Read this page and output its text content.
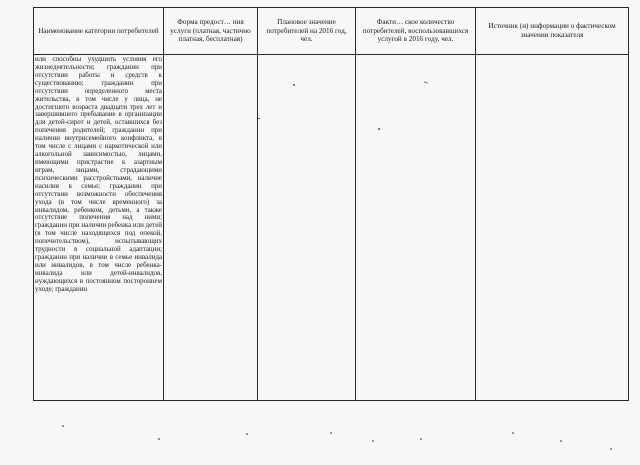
Наименование категории потребителей	Форма предост… ния услуги (платная, частично платная, бесплатная)	Плановое значение потребителей на 2016 год, чел.	Факти… ское количество потребителей, воспользовавшихся услугой в 2016 году, чел.	Источник (и) информации о фактическом значении показателя

или способны ухудшить условия его жизнедеятельности; гражданин при отсутствии работы и средств к существованию; гражданин при отсутствии определенного места жительства, в том числе у лица, не достигшего возраста двадцати трех лет и завершившего пребывание в организации для детей-сирот и детей, оставшихся без попечения родителей; гражданин при наличии внутрисемейного конфликта, в том числе с лицами с наркотической или алкогольной зависимостью, лицами, имеющими пристрастие к азартным играм, лицами, страдающими психическими расстройствами, наличие насилия в семье; гражданин при отсутствии возможности обеспечения ухода (в том числе временного) за инвалидом, ребенком, детьми, а также отсутствие попечения над ними; гражданин при наличии ребенка или детей (в том числе находящихся под опекой, попечительством), испытывающих трудности в социальной адаптации; гражданин при наличии в семье инвалида или инвалидов, в том числе ребенка-инвалида или детей-инвалидов, нуждающихся в постоянном постороннем уходе; гражданин				
